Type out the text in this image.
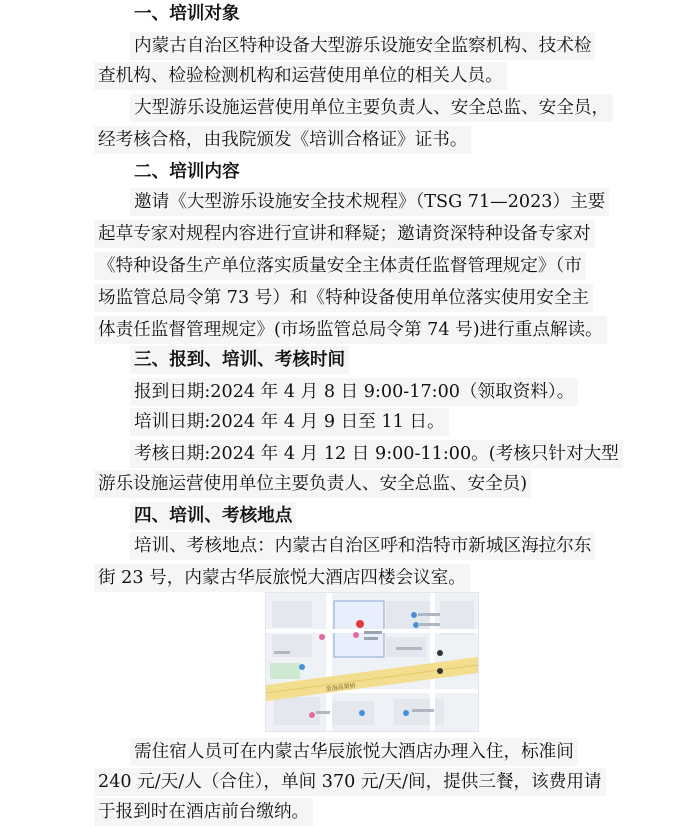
一、培训对象
内蒙古自治区特种设备大型游乐设施安全监察机构、技术检
查机构、检验检测机构和运营使用单位的相关人员。
大型游乐设施运营使用单位主要负责人、安全总监、安全员，
经考核合格，由我院颁发《培训合格证》证书。
二、培训内容
邀请《大型游乐设施安全技术规程》（TSG 71—2023）主要
起草专家对规程内容进行宣讲和释疑；邀请资深特种设备专家对
《特种设备生产单位落实质量安全主体责任监督管理规定》（市
场监管总局令第 73 号）和《特种设备使用单位落实使用安全主
体责任监督管理规定》(市场监管总局令第 74 号)进行重点解读。
三、报到、培训、考核时间
报到日期:2024 年 4 月 8 日 9:00-17:00（领取资料）。
培训日期:2024 年 4 月 9 日至 11 日。
考核日期:2024 年 4 月 12 日 9:00-11:00。(考核只针对大型
游乐设施运营使用单位主要负责人、安全总监、安全员)
四、培训、考核地点
培训、考核地点：内蒙古自治区呼和浩特市新城区海拉尔东
街 23 号，内蒙古华辰旅悦大酒店四楼会议室。
金海高架桥
需住宿人员可在内蒙古华辰旅悦大酒店办理入住，标准间
240 元/天/人（合住），单间 370 元/天/间，提供三餐，该费用请
于报到时在酒店前台缴纳。
